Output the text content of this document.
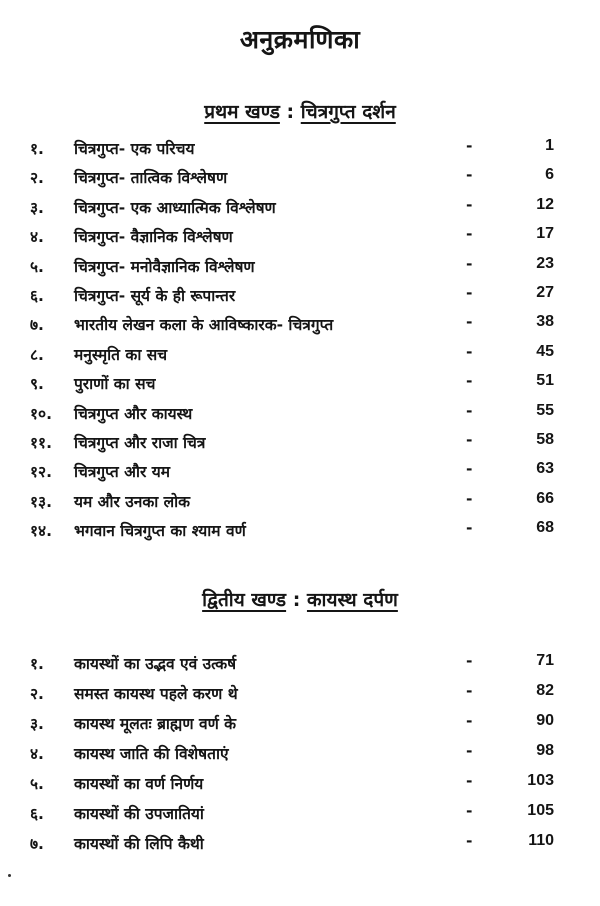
अनुक्रमणिका
प्रथम खण्ड : चित्रगुप्त दर्शन
१. चित्रगुप्त- एक परिचय	-	1
२. चित्रगुप्त- तात्विक विश्लेषण	-	6
३. चित्रगुप्त- एक आध्यात्मिक विश्लेषण	-	12
४. चित्रगुप्त- वैज्ञानिक विश्लेषण	-	17
५. चित्रगुप्त- मनोवैज्ञानिक विश्लेषण	-	23
६. चित्रगुप्त- सूर्य के ही रूपान्तर	-	27
७. भारतीय लेखन कला के आविष्कारक- चित्रगुप्त	-	38
८. मनुस्मृति का सच	-	45
९. पुराणों का सच	-	51
१०. चित्रगुप्त और कायस्थ	-	55
११. चित्रगुप्त और राजा चित्र	-	58
१२. चित्रगुप्त और यम	-	63
१३. यम और उनका लोक	-	66
१४. भगवान चित्रगुप्त का श्याम वर्ण	-	68
द्वितीय खण्ड : कायस्थ दर्पण
१. कायस्थों का उद्भव एवं उत्कर्ष	-	71
२. समस्त कायस्थ पहले करण थे	-	82
३. कायस्थ मूलतः ब्राह्मण वर्ण के	-	90
४. कायस्थ जाति की विशेषताएं	-	98
५. कायस्थों का वर्ण निर्णय	-	103
६. कायस्थों की उपजातियां	-	105
७. कायस्थों की लिपि कैथी	-	110
